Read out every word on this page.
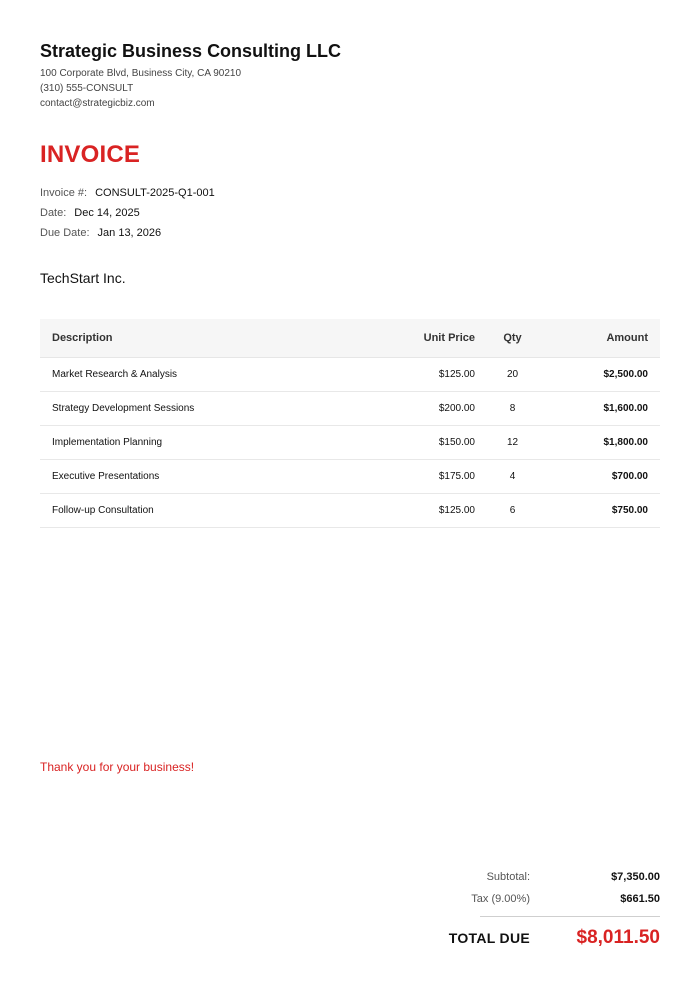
Strategic Business Consulting LLC
100 Corporate Blvd, Business City, CA 90210
(310) 555-CONSULT
contact@strategicbiz.com
INVOICE
Invoice #: CONSULT-2025-Q1-001
Date: Dec 14, 2025
Due Date: Jan 13, 2026
TechStart Inc.
Description	Unit Price	Qty	Amount
Market Research & Analysis	$125.00	20	$2,500.00
Strategy Development Sessions	$200.00	8	$1,600.00
Implementation Planning	$150.00	12	$1,800.00
Executive Presentations	$175.00	4	$700.00
Follow-up Consultation	$125.00	6	$750.00
Thank you for your business!
Subtotal:	$7,350.00
Tax (9.00%)	$661.50
TOTAL DUE	$8,011.50
